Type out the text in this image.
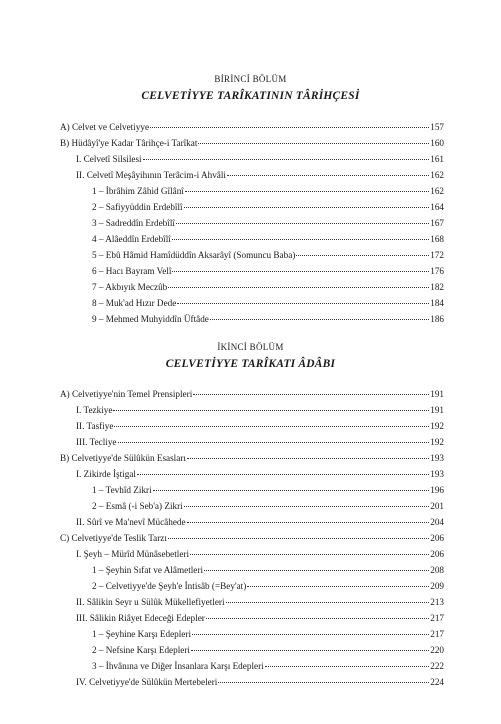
BİRİNCİ BÖLÜM
CELVETİYYE TARÎKATININ TÂRİHÇESİ
A) Celvet ve Celvetiyye	157
B) Hüdâyî'ye Kadar Târihçe-i Tarîkat	160
I. Celvetî Silsilesi	161
II. Celvetî Meşâyihının Terâcim-i Ahvâli	162
1 – İbrâhim Zâhid Gîlânî	162
2 – Safiyyüddin Erdebîlî	164
3 – Sadreddîn Erdebîlî	167
4 – Alâeddîn Erdebîlî	168
5 – Ebû Hâmid Hamîdüddîn Aksarâyî (Somuncu Baba)	172
6 – Hacı Bayram Velî	176
7 – Akbıyık Meczûb	182
8 – Muk'ad Hızır Dede	184
9 – Mehmed Muhyiddîn Üftâde	186
İKİNCİ BÖLÜM
CELVETİYYE TARÎKATI ÂDÂBI
A) Celvetiyye'nin Temel Prensipleri	191
I. Tezkiye	191
II. Tasfiye	192
III. Tecliye	192
B) Celvetiyye'de Sülûkün Esasları	193
I. Zikirde İştigal	193
1 – Tevhîd Zikri	196
2 – Esmâ (-i Seb'a) Zikri	201
II. Sûrî ve Ma'nevî Mücâhede	204
C) Celvetiyye'de Teslik Tarzı	206
I. Şeyh – Mürîd Münâsebetleri	206
1 – Şeyhin Sıfat ve Alâmetleri	208
2 – Celvetiyye'de Şeyh'e İntisâb (=Bey'at)	209
II. Sâlikin Seyr u Sülûk Mükellefiyetleri	213
III. Sâlikin Riâyet Edeceği Edepler	217
1 – Şeyhine Karşı Edepleri	217
2 – Nefsine Karşı Edepleri	220
3 – İhvânına ve Diğer İnsanlara Karşı Edepleri	222
IV. Celvetiyye'de Sülûkün Mertebeleri	224
